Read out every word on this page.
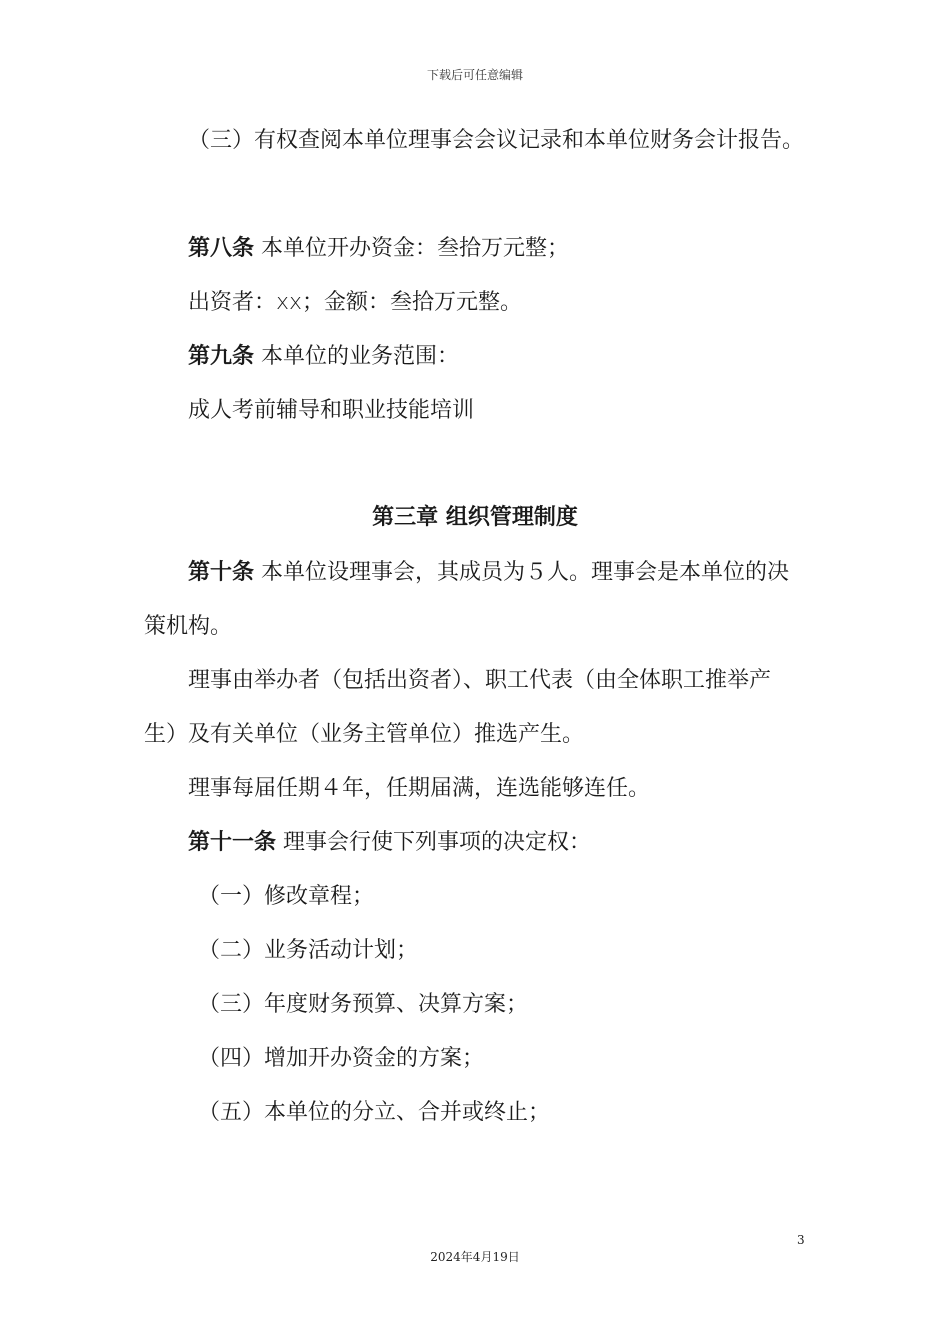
下载后可任意编辑
（三）有权查阅本单位理事会会议记录和本单位财务会计报告。
第八条 本单位开办资金：叁拾万元整；
出资者：xx；金额：叁拾万元整。
第九条 本单位的业务范围：
成人考前辅导和职业技能培训
第三章 组织管理制度
第十条 本单位设理事会，其成员为５人。理事会是本单位的决策机构。
理事由举办者（包括出资者）、职工代表（由全体职工推举产生）及有关单位（业务主管单位）推选产生。
理事每届任期４年，任期届满，连选能够连任。
第十一条 理事会行使下列事项的决定权：
（一）修改章程；
（二）业务活动计划；
（三）年度财务预算、决算方案；
（四）增加开办资金的方案；
（五）本单位的分立、合并或终止；
3
2024年4月19日
